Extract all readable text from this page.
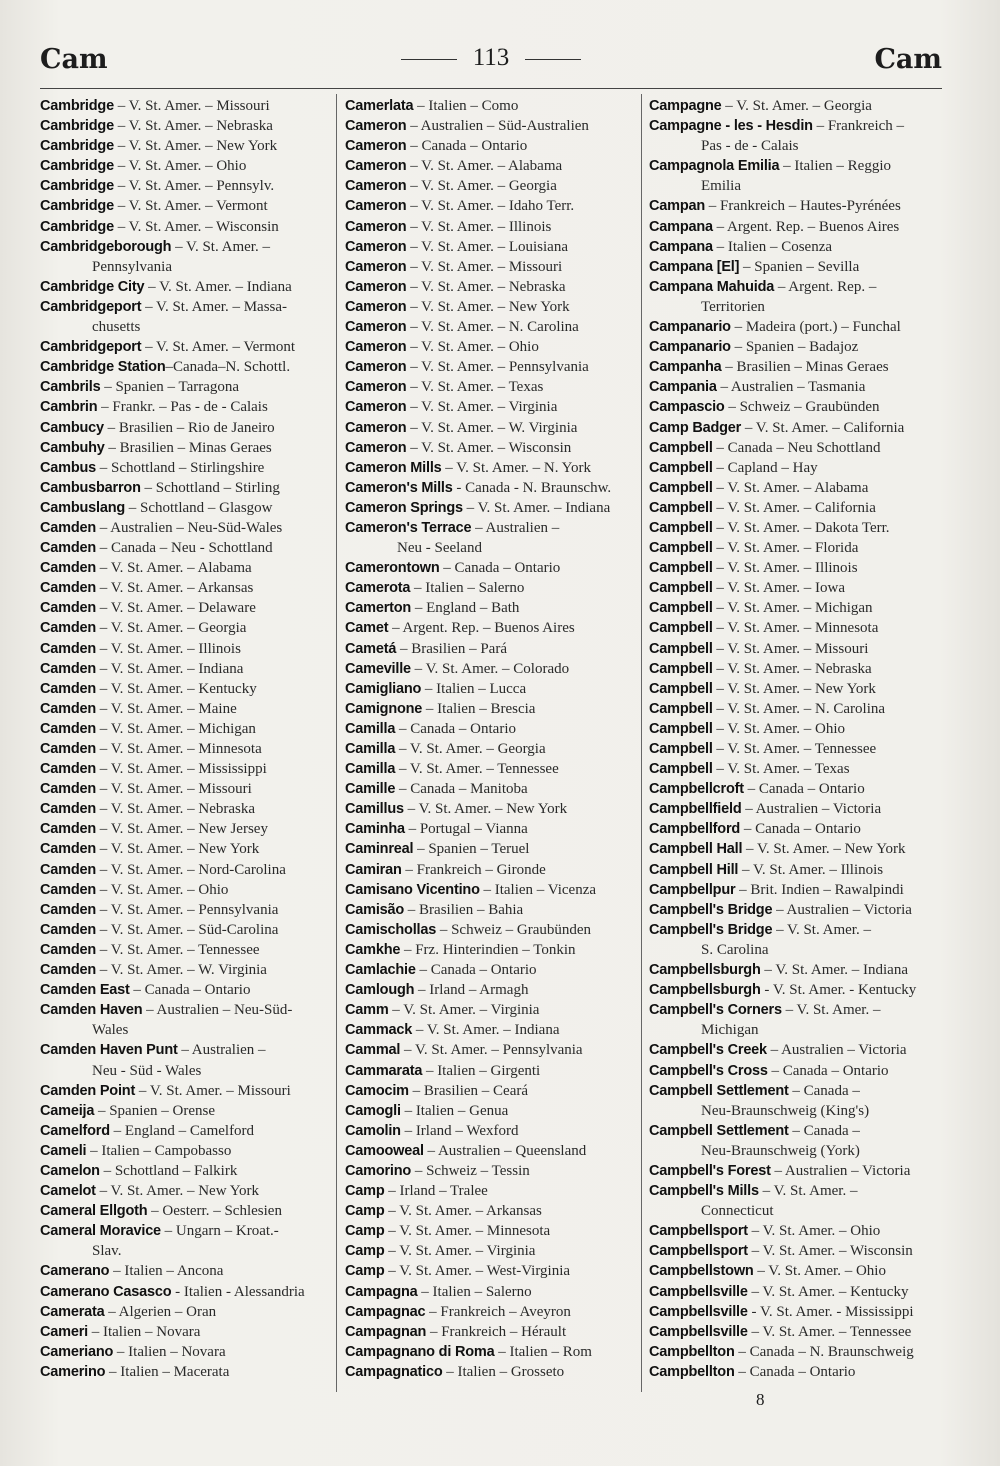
Cam	113	Cam

Cambridge – V. St. Amer. – Missouri

Cambridge – V. St. Amer. – Nebraska

Cambridge – V. St. Amer. – New York

Cambridge – V. St. Amer. – Ohio

Cambridge – V. St. Amer. – Pennsylv.

Cambridge – V. St. Amer. – Vermont

Cambridge – V. St. Amer. – Wisconsin

Cambridgeborough – V. St. Amer. –
Pennsylvania

Cambridge City – V. St. Amer. – Indiana

Cambridgeport – V. St. Amer. – Massa-
chusetts

Cambridgeport – V. St. Amer. – Vermont

Cambridge Station–Canada–N. Schottl.

Cambrils – Spanien – Tarragona

Cambrin – Frankr. – Pas - de - Calais

Cambucy – Brasilien – Rio de Janeiro

Cambuhy – Brasilien – Minas Geraes

Cambus – Schottland – Stirlingshire

Cambusbarron – Schottland – Stirling

Cambuslang – Schottland – Glasgow

Camden – Australien – Neu-Süd-Wales

Camden – Canada – Neu - Schottland

Camden – V. St. Amer. – Alabama

Camden – V. St. Amer. – Arkansas

Camden – V. St. Amer. – Delaware

Camden – V. St. Amer. – Georgia

Camden – V. St. Amer. – Illinois

Camden – V. St. Amer. – Indiana

Camden – V. St. Amer. – Kentucky

Camden – V. St. Amer. – Maine

Camden – V. St. Amer. – Michigan

Camden – V. St. Amer. – Minnesota

Camden – V. St. Amer. – Mississippi

Camden – V. St. Amer. – Missouri

Camden – V. St. Amer. – Nebraska

Camden – V. St. Amer. – New Jersey

Camden – V. St. Amer. – New York

Camden – V. St. Amer. – Nord-Carolina

Camden – V. St. Amer. – Ohio

Camden – V. St. Amer. – Pennsylvania

Camden – V. St. Amer. – Süd-Carolina

Camden – V. St. Amer. – Tennessee

Camden – V. St. Amer. – W. Virginia

Camden East – Canada – Ontario

Camden Haven – Australien – Neu-Süd-
Wales

Camden Haven Punt – Australien –
Neu - Süd - Wales

Camden Point – V. St. Amer. – Missouri

Cameija – Spanien – Orense

Camelford – England – Camelford

Cameli – Italien – Campobasso

Camelon – Schottland – Falkirk

Camelot – V. St. Amer. – New York

Cameral Ellgoth – Oesterr. – Schlesien

Cameral Moravice – Ungarn – Kroat.-
Slav.

Camerano – Italien – Ancona

Camerano Casasco - Italien - Alessandria

Camerata – Algerien – Oran

Cameri – Italien – Novara

Cameriano – Italien – Novara

Camerino – Italien – Macerata

Camerlata – Italien – Como

Cameron – Australien – Süd-Australien

Cameron – Canada – Ontario

Cameron – V. St. Amer. – Alabama

Cameron – V. St. Amer. – Georgia

Cameron – V. St. Amer. – Idaho Terr.

Cameron – V. St. Amer. – Illinois

Cameron – V. St. Amer. – Louisiana

Cameron – V. St. Amer. – Missouri

Cameron – V. St. Amer. – Nebraska

Cameron – V. St. Amer. – New York

Cameron – V. St. Amer. – N. Carolina

Cameron – V. St. Amer. – Ohio

Cameron – V. St. Amer. – Pennsylvania

Cameron – V. St. Amer. – Texas

Cameron – V. St. Amer. – Virginia

Cameron – V. St. Amer. – W. Virginia

Cameron – V. St. Amer. – Wisconsin

Cameron Mills – V. St. Amer. – N. York

Cameron's Mills - Canada - N. Braunschw.

Cameron Springs – V. St. Amer. – Indiana

Cameron's Terrace – Australien –
Neu - Seeland

Camerontown – Canada – Ontario

Camerota – Italien – Salerno

Camerton – England – Bath

Camet – Argent. Rep. – Buenos Aires

Cametá – Brasilien – Pará

Cameville – V. St. Amer. – Colorado

Camigliano – Italien – Lucca

Camignone – Italien – Brescia

Camilla – Canada – Ontario

Camilla – V. St. Amer. – Georgia

Camilla – V. St. Amer. – Tennessee

Camille – Canada – Manitoba

Camillus – V. St. Amer. – New York

Caminha – Portugal – Vianna

Caminreal – Spanien – Teruel

Camiran – Frankreich – Gironde

Camisano Vicentino – Italien – Vicenza

Camisão – Brasilien – Bahia

Camischollas – Schweiz – Graubünden

Camkhe – Frz. Hinterindien – Tonkin

Camlachie – Canada – Ontario

Camlough – Irland – Armagh

Camm – V. St. Amer. – Virginia

Cammack – V. St. Amer. – Indiana

Cammal – V. St. Amer. – Pennsylvania

Cammarata – Italien – Girgenti

Camocim – Brasilien – Ceará

Camogli – Italien – Genua

Camolin – Irland – Wexford

Camooweal – Australien – Queensland

Camorino – Schweiz – Tessin

Camp – Irland – Tralee

Camp – V. St. Amer. – Arkansas

Camp – V. St. Amer. – Minnesota

Camp – V. St. Amer. – Virginia

Camp – V. St. Amer. – West-Virginia

Campagna – Italien – Salerno

Campagnac – Frankreich – Aveyron

Campagnan – Frankreich – Hérault

Campagnano di Roma – Italien – Rom

Campagnatico – Italien – Grosseto

Campagne – V. St. Amer. – Georgia

Campagne - les - Hesdin – Frankreich –
Pas - de - Calais

Campagnola Emilia – Italien – Reggio
Emilia

Campan – Frankreich – Hautes-Pyrénées

Campana – Argent. Rep. – Buenos Aires

Campana – Italien – Cosenza

Campana [El] – Spanien – Sevilla

Campana Mahuida – Argent. Rep. –
Territorien

Campanario – Madeira (port.) – Funchal

Campanario – Spanien – Badajoz

Campanha – Brasilien – Minas Geraes

Campania – Australien – Tasmania

Campascio – Schweiz – Graubünden

Camp Badger – V. St. Amer. – California

Campbell – Canada – Neu Schottland

Campbell – Capland – Hay

Campbell – V. St. Amer. – Alabama

Campbell – V. St. Amer. – California

Campbell – V. St. Amer. – Dakota Terr.

Campbell – V. St. Amer. – Florida

Campbell – V. St. Amer. – Illinois

Campbell – V. St. Amer. – Iowa

Campbell – V. St. Amer. – Michigan

Campbell – V. St. Amer. – Minnesota

Campbell – V. St. Amer. – Missouri

Campbell – V. St. Amer. – Nebraska

Campbell – V. St. Amer. – New York

Campbell – V. St. Amer. – N. Carolina

Campbell – V. St. Amer. – Ohio

Campbell – V. St. Amer. – Tennessee

Campbell – V. St. Amer. – Texas

Campbellcroft – Canada – Ontario

Campbellfield – Australien – Victoria

Campbellford – Canada – Ontario

Campbell Hall – V. St. Amer. – New York

Campbell Hill – V. St. Amer. – Illinois

Campbellpur – Brit. Indien – Rawalpindi

Campbell's Bridge – Australien – Victoria

Campbell's Bridge – V. St. Amer. –
S. Carolina

Campbellsburgh – V. St. Amer. – Indiana

Campbellsburgh - V. St. Amer. - Kentucky

Campbell's Corners – V. St. Amer. –
Michigan

Campbell's Creek – Australien – Victoria

Campbell's Cross – Canada – Ontario

Campbell Settlement – Canada –
Neu-Braunschweig (King's)

Campbell Settlement – Canada –
Neu-Braunschweig (York)

Campbell's Forest – Australien – Victoria

Campbell's Mills – V. St. Amer. –
Connecticut

Campbellsport – V. St. Amer. – Ohio

Campbellsport – V. St. Amer. – Wisconsin

Campbellstown – V. St. Amer. – Ohio

Campbellsville – V. St. Amer. – Kentucky

Campbellsville - V. St. Amer. - Mississippi

Campbellsville – V. St. Amer. – Tennessee

Campbellton – Canada – N. Braunschweig

Campbellton – Canada – Ontario

8
